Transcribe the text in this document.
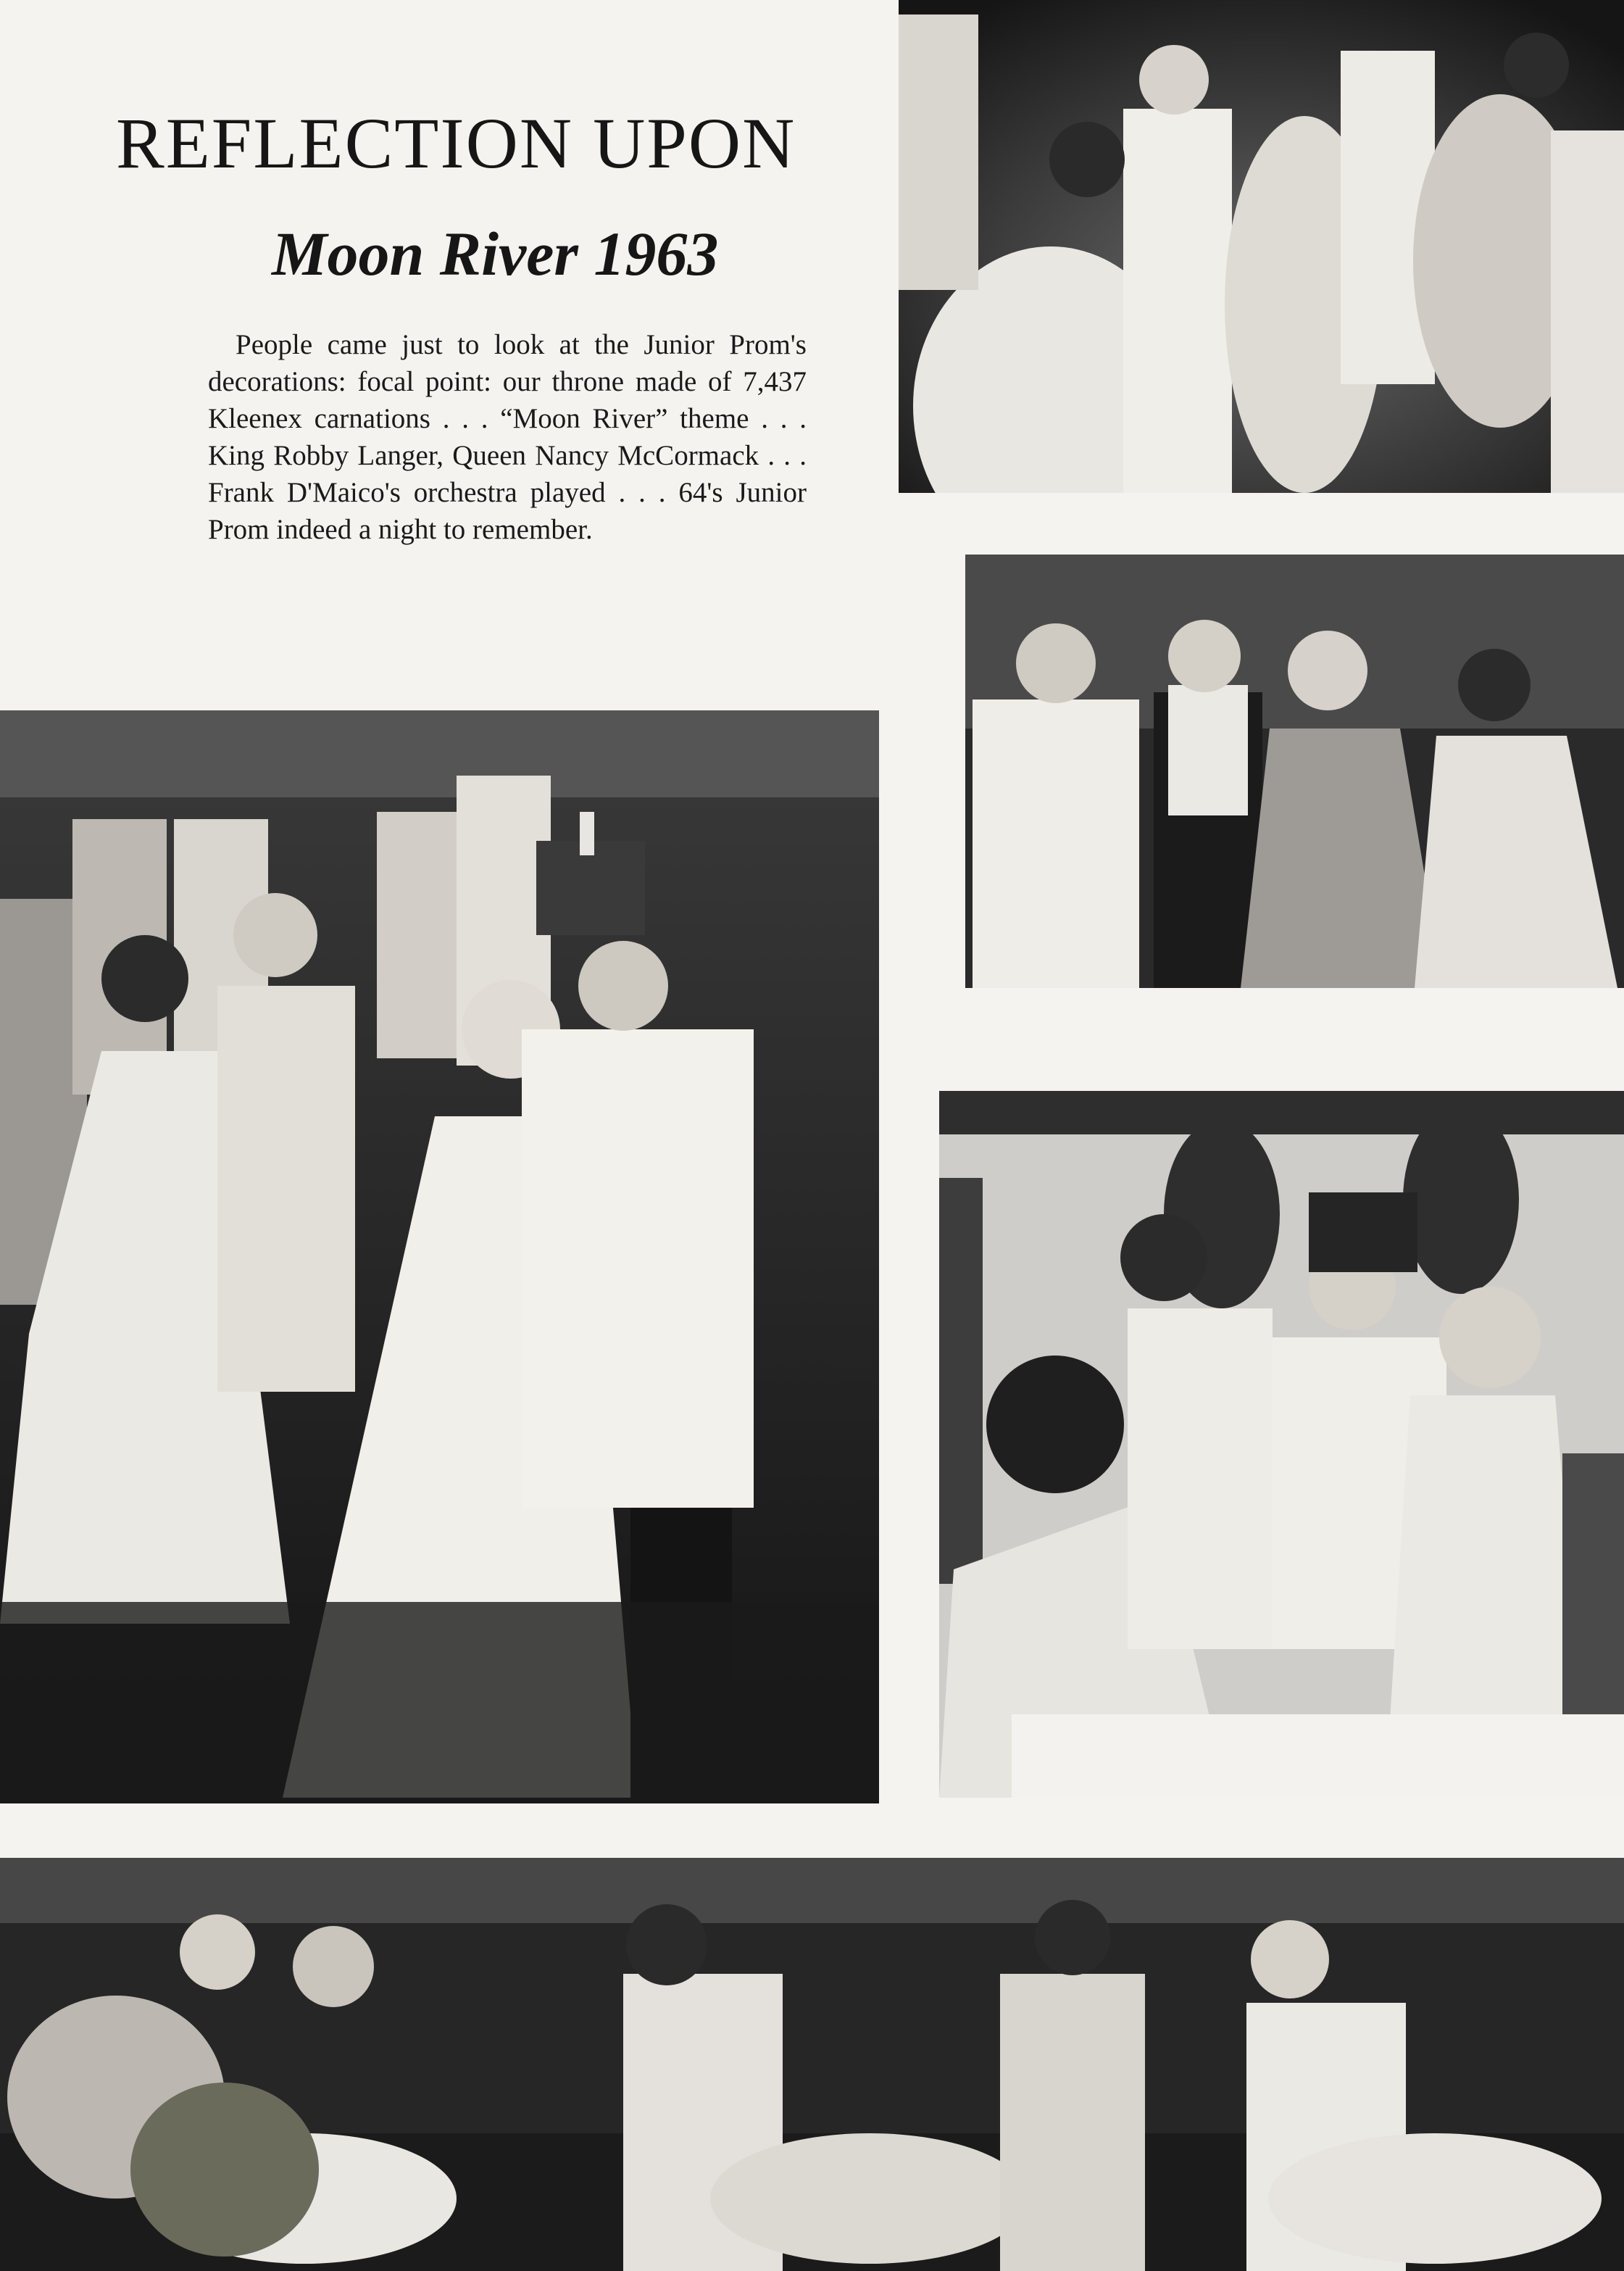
REFLECTION UPON
Moon River 1963

People came just to look at the Junior Prom's decorations: focal point: our throne made of 7,437 Kleenex carnations . . . “Moon River” theme . . . King Robby Langer, Queen Nancy McCormack . . . Frank D'Maico's orchestra played . . . 64's Junior Prom indeed a night to remember.
